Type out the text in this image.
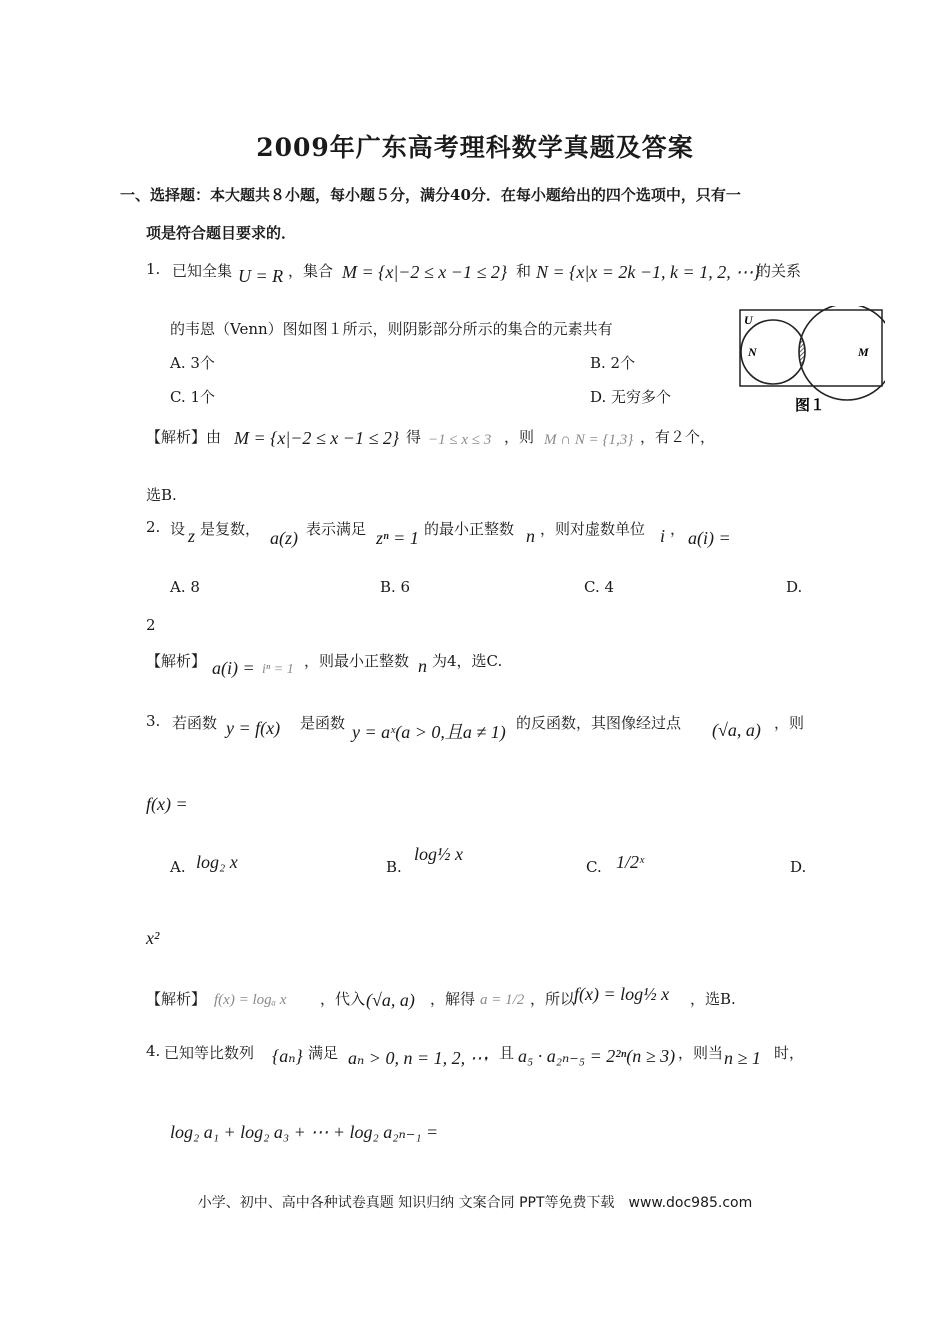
2009年广东高考理科数学真题及答案
一、选择题：本大题共８小题，每小题５分，满分40分．在每小题给出的四个选项中，只有一
项是符合题目要求的．
1. 已知全集 U = R ，集合 M = {x|−2 ≤ x −1 ≤ 2} 和 N = {x|x = 2k −1, k = 1, 2, ⋯}
的关系
的韦恩（Venn）图如图１所示，则阴影部分所示的集合的元素共有
A. 3个	B. 2个
C. 1个	D. 无穷多个
U
N	M
图１
【解析】由 M = {x|−2 ≤ x −1 ≤ 2} 得 −1 ≤ x ≤ 3 ，则 M ∩ N = {1,3} ，有２个，
选B.
2. 设 z 是复数， a(z) 表示满足 zⁿ = 1 的最小正整数 n ，则对虚数单位 i ， a(i) =
A. 8	B. 6	C. 4	D.
2
【解析】 a(i) = iⁿ = 1 ，则最小正整数 n 为4，选C.
3. 若函数 y = f(x) 是函数 y = aˣ(a > 0,且a ≠ 1) 的反函数，其图像经过点 (√a, a) ，则
f(x) =
A. log₂ x	B.
log½ x
C. 1/2ˣ	D.
x²
【解析】 f(x) = logₐ x ，代入 (√a, a) ，解得 a = 1/2 ，所以
f(x) = log½ x ，选B.
4. 已知等比数列 {aₙ} 满足 aₙ > 0, n = 1, 2, ⋯
，且 a₅ · a₂ₙ₋₅ = 2²ⁿ(n ≥ 3) ，则当 n ≥ 1 时，
log₂ a₁ + log₂ a₃ + ⋯ + log₂ a₂ₙ₋₁ =
小学、初中、高中各种试卷真题 知识归纳 文案合同 PPT等免费下载　www.doc985.com
